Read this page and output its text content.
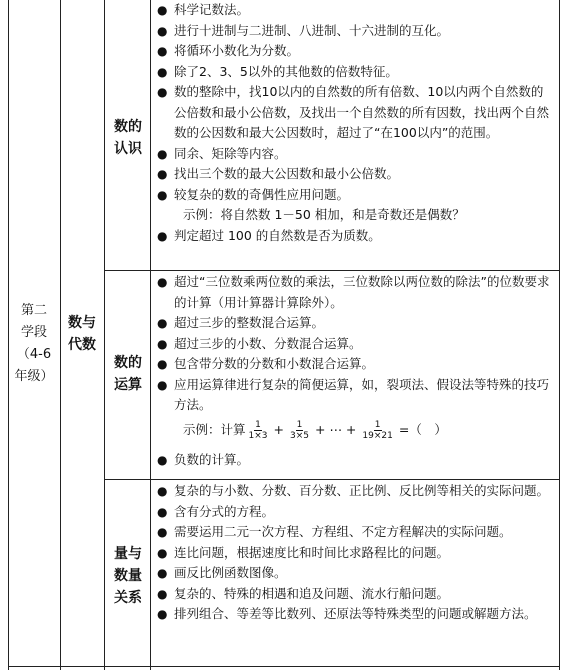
第二
学段
（4-6
年级）
数与
代数
数的
认识
● 科学记数法。
● 进行十进制与二进制、八进制、十六进制的互化。
● 将循环小数化为分数。
● 除了2、3、5以外的其他数的倍数特征。
● 数的整除中，找10以内的自然数的所有倍数、10以内两个自然数的公倍数和最小公倍数，及找出一个自然数的所有因数，找出两个自然数的公因数和最大公因数时，超过了“在100以内”的范围。
● 同余、矩除等内容。
● 找出三个数的最大公因数和最小公倍数。
● 较复杂的数的奇偶性应用问题。
示例：将自然数 1－50 相加，和是奇数还是偶数？
● 判定超过 100 的自然数是否为质数。
数的
运算
● 超过“三位数乘两位数的乘法，三位数除以两位数的除法”的位数要求的计算（用计算器计算除外）。
● 超过三步的整数混合运算。
● 超过三步的小数、分数混合运算。
● 包含带分数的分数和小数混合运算。
● 应用运算律进行复杂的简便运算，如，裂项法、假设法等特殊的技巧方法。
示例：计算 $\frac{1}{1\times 3} + \frac{1}{3\times 5}$ + ⋯ + $\frac{1}{19\times 21}$ =（　）
● 负数的计算。
量与
数量
关系
● 复杂的与小数、分数、百分数、正比例、反比例等相关的实际问题。
● 含有分式的方程。
● 需要运用二元一次方程、方程组、不定方程解决的实际问题。
● 连比问题，根据速度比和时间比求路程比的问题。
● 画反比例函数图像。
● 复杂的、特殊的相遇和追及问题、流水行船问题。
● 排列组合、等差等比数列、还原法等特殊类型的问题或解题方法。
